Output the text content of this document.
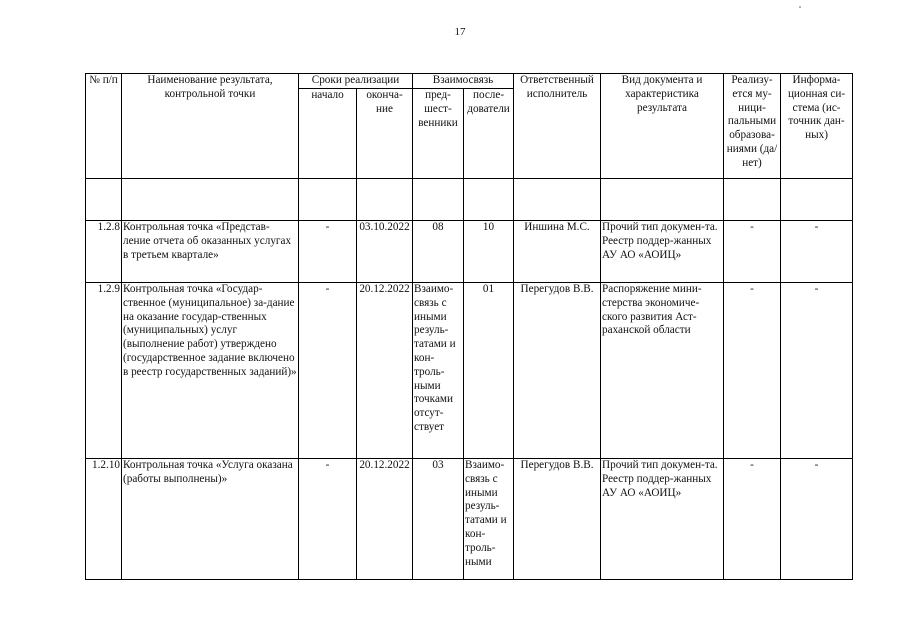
17
№ п/п	Наименование результата, контрольной точки	Сроки реализации		Взаимосвязь		Ответственный исполнитель	Вид документа и характеристика результата	Реализу-ется му-ници-пальными образова-ниями (да/нет)	Информа-ционная си-стема (ис-точник дан-ных)
		начало	оконча-ние	пред-шест-венники	после-дователи				

1.2.8	Контрольная точка «Представ-ление отчета об оказанных услугах в третьем квартале»	-	03.10.2022	08	10	Иншина М.С.	Прочий тип докумен-та. Реестр поддер-жанных АУ АО «АОИЦ»	-	-
1.2.9	Контрольная точка «Государ-ственное (муниципальное) за-дание на оказание государ-ственных (муниципальных) услуг (выполнение работ) утверждено (государственное задание включено в реестр государственных заданий)»	-	20.12.2022	Взаимо-связь с иными резуль-татами и кон-троль-ными точками отсут-ствует	01	Перегудов В.В.	Распоряжение мини-стерства экономиче-ского развития Аст-раханской области	-	-
1.2.10	Контрольная точка «Услуга оказана (работы выполнены)»	-	20.12.2022	03	Взаимо-связь с иными резуль-татами и кон-троль-ными	Перегудов В.В.	Прочий тип докумен-та. Реестр поддер-жанных АУ АО «АОИЦ»	-	-
